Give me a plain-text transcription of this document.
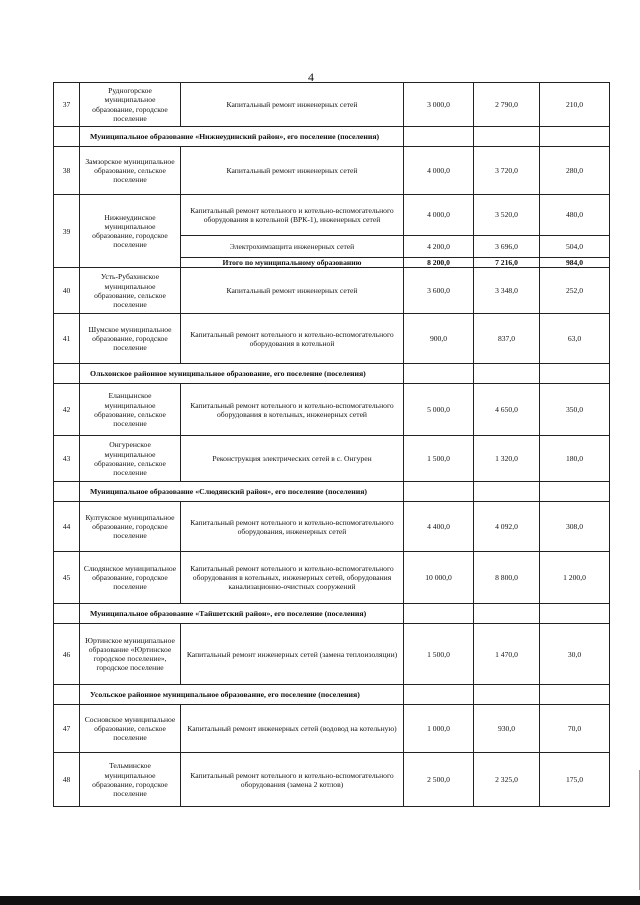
4
37	Рудногорское муниципальное образование, городское поселение	Капитальный ремонт инженерных сетей	3 000,0	2 790,0	210,0
	Муниципальное образование «Нижнеудинский район», его поселение (поселения)				
38	Замзорское муниципальное образование, сельское поселение	Капитальный ремонт инженерных сетей	4 000,0	3 720,0	280,0
39	Нижнеудинское муниципальное образование, городское поселение	Капитальный ремонт котельного и котельно-вспомогательного оборудования в котельной (ВРК-1), инженерных сетей	4 000,0	3 520,0	480,0
		Электрохимзащита инженерных сетей	4 200,0	3 696,0	504,0
		Итого по муниципальному образованию	8 200,0	7 216,0	984,0
40	Усть-Рубахинское муниципальное образование, сельское поселение	Капитальный ремонт инженерных сетей	3 600,0	3 348,0	252,0
41	Шумское муниципальное образование, городское поселение	Капитальный ремонт котельного и котельно-вспомогательного оборудования в котельной	900,0	837,0	63,0
	Ольхонское районное муниципальное образование, его поселение (поселения)				
42	Еланцынское муниципальное образование, сельское поселение	Капитальный ремонт котельного и котельно-вспомогательного оборудования в котельных, инженерных сетей	5 000,0	4 650,0	350,0
43	Онгуренское муниципальное образование, сельское поселение	Реконструкция электрических сетей в с. Онгурен	1 500,0	1 320,0	180,0
	Муниципальное образование «Слюдянский район», его поселение (поселения)				
44	Култукское муниципальное образование, городское поселение	Капитальный ремонт котельного и котельно-вспомогательного оборудования, инженерных сетей	4 400,0	4 092,0	308,0
45	Слюдянское муниципальное образование, городское поселение	Капитальный ремонт котельного и котельно-вспомогательного оборудования в котельных, инженерных сетей, оборудования канализационно-очистных сооружений	10 000,0	8 800,0	1 200,0
	Муниципальное образование «Тайшетский район», его поселение (поселения)				
46	Юртинское муниципальное образование «Юртинское городское поселение», городское поселение	Капитальный ремонт инженерных сетей (замена теплоизоляции)	1 500,0	1 470,0	30,0
	Усольское районное муниципальное образование, его поселение (поселения)				
47	Сосновское муниципальное образование, сельское поселение	Капитальный ремонт инженерных сетей (водовод на котельную)	1 000,0	930,0	70,0
48	Тельминское муниципальное образование, городское поселение	Капитальный ремонт котельного и котельно-вспомогательного оборудования (замена 2 котлов)	2 500,0	2 325,0	175,0
